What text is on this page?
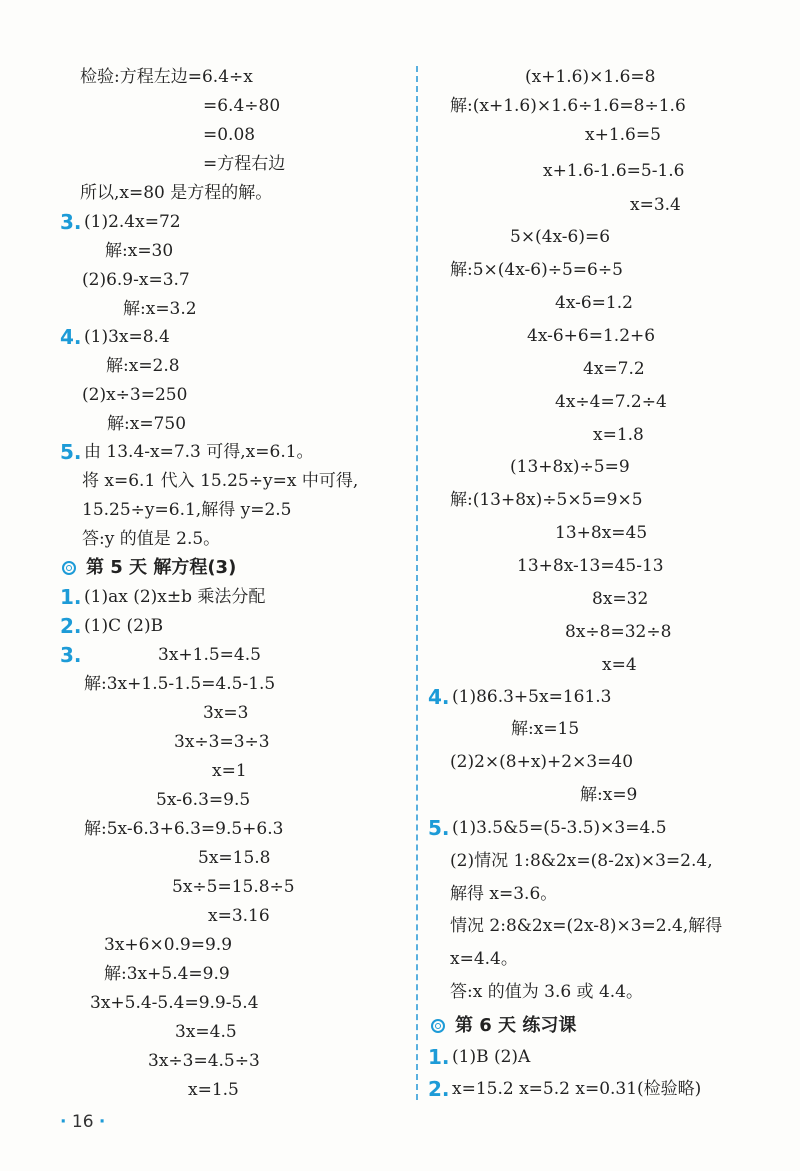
检验:方程左边=6.4÷x
=6.4÷80
=0.08
=方程右边
所以,x=80 是方程的解。
3. (1)2.4x=72
解:x=30
(2)6.9-x=3.7
解:x=3.2
4. (1)3x=8.4
解:x=2.8
(2)x÷3=250
解:x=750
5. 由 13.4-x=7.3 可得,x=6.1。
将 x=6.1 代入 15.25÷y=x 中可得,
15.25÷y=6.1,解得 y=2.5
答:y 的值是 2.5。
第 5 天 解方程(3)
1. (1)ax (2)x±b 乘法分配
2. (1)C (2)B
3.	3x+1.5=4.5
解:3x+1.5-1.5=4.5-1.5
3x=3
3x÷3=3÷3
x=1
5x-6.3=9.5
解:5x-6.3+6.3=9.5+6.3
5x=15.8
5x÷5=15.8÷5
x=3.16
3x+6×0.9=9.9
解:3x+5.4=9.9
3x+5.4-5.4=9.9-5.4
3x=4.5
3x÷3=4.5÷3
x=1.5
· 16 ·
(x+1.6)×1.6=8
解:(x+1.6)×1.6÷1.6=8÷1.6
x+1.6=5
x+1.6-1.6=5-1.6
x=3.4
5×(4x-6)=6
解:5×(4x-6)÷5=6÷5
4x-6=1.2
4x-6+6=1.2+6
4x=7.2
4x÷4=7.2÷4
x=1.8
(13+8x)÷5=9
解:(13+8x)÷5×5=9×5
13+8x=45
13+8x-13=45-13
8x=32
8x÷8=32÷8
x=4
4. (1)86.3+5x=161.3
解:x=15
(2)2×(8+x)+2×3=40
解:x=9
5. (1)3.5&5=(5-3.5)×3=4.5
(2)情况 1:8&2x=(8-2x)×3=2.4,
解得 x=3.6。
情况 2:8&2x=(2x-8)×3=2.4,解得
x=4.4。
答:x 的值为 3.6 或 4.4。
第 6 天 练习课
1. (1)B (2)A
2. x=15.2 x=5.2 x=0.31(检验略)
